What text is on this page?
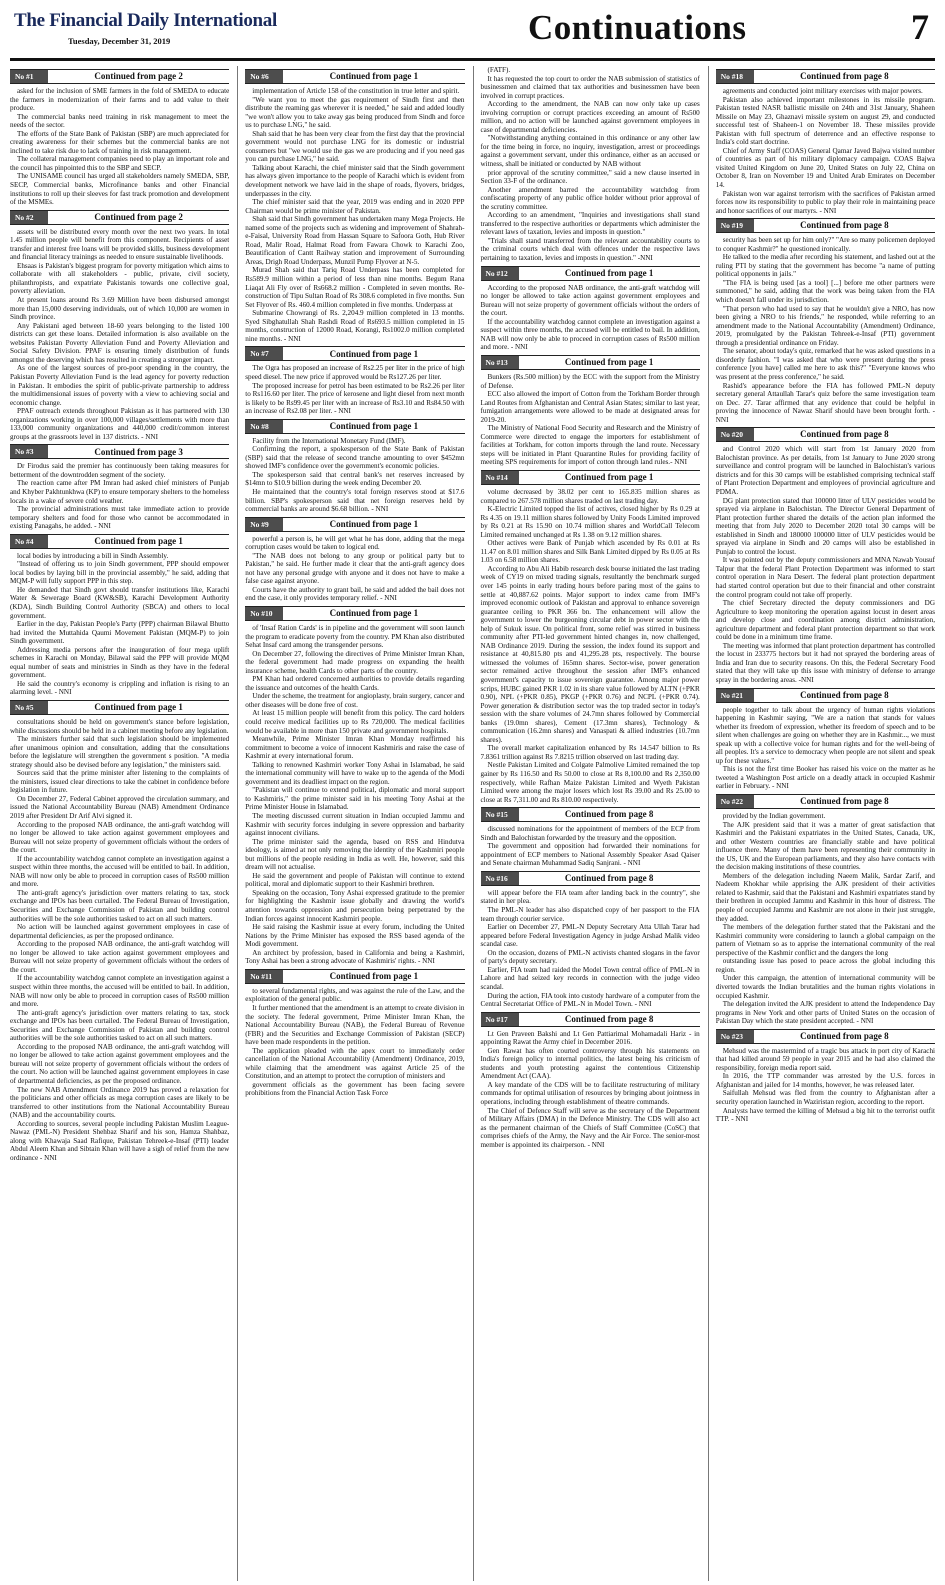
The Financial Daily International
Tuesday, December 31, 2019	Continuations	7
No #1	Continued from page 2

asked for the inclusion of SME farmers in the fold of SMEDA to educate the farmers in modernization of their farms and to add value to their produce.

The commercial banks need training in risk management to meet the needs of the sector.

The efforts of the State Bank of Pakistan (SBP) are much appreciated for creating awareness for their schemes but the commercial banks are not inclined to take risk due to lack of training in risk management.

The collateral management companies need to play an important role and the council has pinpointed this to the SBP and SECP.

The UNISAME council has urged all stakeholders namely SMEDA, SBP, SECP, Commercial banks, Microfinance banks and other Financial institutions to roll up their sleeves for fast track promotion and development of the MSMEs.

No #2	Continued from page 2

assets will be distributed every month over the next two years. In total 1.45 million people will benefit from this component. Recipients of asset transfer and interest free loans will be provided skills, business development and financial literacy trainings as needed to ensure sustainable livelihoods.

Ehsaas is Pakistan's biggest program for poverty mitigation which aims to collaborate with all stakeholders - public, private, civil society, philanthropists, and expatriate Pakistanis towards one collective goal, poverty alleviation.

At present loans around Rs 3.69 Million have been disbursed amongst more than 15,000 deserving individuals, out of which 10,000 are women in Sindh province.

Any Pakistani aged between 18-60 years belonging to the listed 100 districts can get these loans. Detailed information is also available on the websites Pakistan Poverty Alleviation Fund and Poverty Alleviation and Social Safety Division. PPAF is ensuring timely distribution of funds amongst the deserving which has resulted in creating a stronger impact.

As one of the largest sources of pro-poor spending in the country, the Pakistan Poverty Alleviation Fund is the lead agency for poverty reduction in Pakistan. It embodies the spirit of public-private partnership to address the multidimensional issues of poverty with a view to achieving social and economic change.

PPAF outreach extends throughout Pakistan as it has partnered with 130 organizations working in over 100,000 villages/settlements with more than 133,000 community organizations and 440,000 credit/common interest groups at the grassroots level in 137 districts. - NNI

No #3	Continued from page 3

Dr Firodus said the premier has continuously been taking measures for betterment of the downtrodden segment of the society.

The reaction came after PM Imran had asked chief ministers of Punjab and Khyber Pakhtunkhwa (KP) to ensure temporary shelters to the homeless locals in a wake of severe cold weather.

The provincial administrations must take immediate action to provide temporary shelters and food for those who cannot be accommodated in existing Panagahs, he added. - NNI

No #4	Continued from page 1

local bodies by introducing a bill in Sindh Assembly.

"Instead of offering us to join Sindh government, PPP should empower local bodies by laying bill in the provincial assembly," he said, adding that MQM-P will fully support PPP in this step.

He demanded that Sindh govt should transfer institutions like, Karachi Water & Sewerage Board (KW&SB), Karachi Development Authority (KDA), Sindh Building Control Authority (SBCA) and others to local government.

Earlier in the day, Pakistan People's Party (PPP) chairman Bilawal Bhutto had invited the Muttahida Qaumi Movement Pakistan (MQM-P) to join Sindh government.

Addressing media persons after the inauguration of four mega uplift schemes in Karachi on Monday, Bilawal said the PPP will provide MQM equal number of seats and ministries in Sindh as they have in the federal government.

He said the country's economy is crippling and inflation is rising to an alarming level. - NNI

No #5	Continued from page 1

consultations should be held on government's stance before legislation, while discussions should be held in a cabinet meeting before any legislation.

The ministers further said that such legislation should be implemented after unanimous opinion and consultation, adding that the consultations before the legislature will strengthen the government s position. "A media strategy should also be devised before any legislation," the ministers said.

Sources said that the prime minister after listening to the complaints of the ministers, issued clear directions to take the cabinet in confidence before legislation in future.

On December 27, Federal Cabinet approved the circulation summary, and issued the National Accountability Bureau (NAB) Amendment Ordinance 2019 after President Dr Arif Alvi signed it.

According to the proposed NAB ordinance, the anti-graft watchdog will no longer be allowed to take action against government employees and Bureau will not seize property of government officials without the orders of the court.

If the accountability watchdog cannot complete an investigation against a suspect within three months, the accused will be entitled to bail. In addition, NAB will now only be able to proceed in corruption cases of Rs500 million and more.

The anti-graft agency's jurisdiction over matters relating to tax, stock exchange and IPOs has been curtailed. The Federal Bureau of Investigation, Securities and Exchange Commission of Pakistan and building control authorities will be the sole authorities tasked to act on all such matters.

No action will be launched against government employees in case of departmental deficiencies, as per the proposed ordinance.

According to the proposed NAB ordinance, the anti-graft watchdog will no longer be allowed to take action against government employees and Bureau will not seize property of government officials without the orders of the court.

If the accountability watchdog cannot complete an investigation against a suspect within three months, the accused will be entitled to bail. In addition, NAB will now only be able to proceed in corruption cases of Rs500 million and more.

The anti-graft agency's jurisdiction over matters relating to tax, stock exchange and IPOs has been curtailed. The Federal Bureau of Investigation, Securities and Exchange Commission of Pakistan and building control authorities will be the sole authorities tasked to act on all such matters.

According to the proposed NAB ordinance, the anti-graft watchdog will no longer be allowed to take action against government employees and the bureau will not seize property of government officials without the orders of the court. No action will be launched against government employees in case of departmental deficiencies, as per the proposed ordinance.

The new NAB Amendment Ordinance 2019 has proved a relaxation for the politicians and other officials as mega corruption cases are likely to be transferred to other institutions from the National Accountability Bureau (NAB) and the accountability courts.

According to sources, several people including Pakistan Muslim League-Nawaz (PML-N) President Shehbaz Sharif and his son, Hamza Shahbaz, along with Khawaja Saad Rafique, Pakistan Tehreek-e-Insaf (PTI) leader Abdul Aleem Khan and Sibtain Khan will have a sigh of relief from the new ordinance - NNI

No #6	Continued from page 1

implementation of Article 158 of the constitution in true letter and spirit.

"We want you to meet the gas requirement of Sindh first and then distribute the reaming gas wherever it is needed," he said and added loudly "we won't allow you to take away gas being produced from Sindh and force us to purchase LNG," he said.

Shah said that he has been very clear from the first day that the provincial government would not purchase LNG for its domestic or industrial consumers but "we would use the gas we are producing and if you need gas you can purchase LNG," he said.

Talking about Karachi, the chief minister said that the Sindh government has always given importance to the people of Karachi which is evident from development network we have laid in the shape of roads, flyovers, bridges, underpasses in the city.

The chief minister said that the year, 2019 was ending and in 2020 PPP Chairman would be prime minister of Pakistan.

Shah said that Sindh government has undertaken many Mega Projects. He named some of the projects such as widening and improvement of Shahrah-e-Faisal, University Road from Hassan Square to Safoora Goth, Hub River Road, Malir Road, Halmat Road from Fawara Chowk to Karachi Zoo, Beautification of Cantt Railway station and improvement of Surrounding Areas, Drigh Road Underpass, Munzil Pump Flyover at N-5.

Murad Shah said that Tariq Road Underpass has been completed for Rs589.9 million within a period of less than nine months. Begum Rana Liaqat Ali Fly over of Rs668.2 million - Completed in seven months. Re-construction of Tipu Sultan Road of Rs 308.6 completed in five months. Sun Set Flyover of Rs. 460.4 million completed in five months. Underpass at

Submarine Chowrangi of Rs. 2,204.9 million completed in 13 months. Syed Sibghatullah Shah Rashdi Road of Rs693.5 million completed in 15 months, construction of 12000 Road, Korangi, Rs1002.0 million completed nine months. - NNI

No #7	Continued from page 1

The Ogra has proposed an increase of Rs2.25 per liter in the price of high speed diesel. The new price if approved would be Rs127.26 per liter.

The proposed increase for petrol has been estimated to be Rs2.26 per liter to Rs116.60 per liter. The price of kerosene and light diesel from next month is likely to be Rs99.45 per liter with an increase of Rs3.10 and Rs84.50 with an increase of Rs2.08 per liter. - NNI

No #8	Continued from page 1

Facility from the International Monetary Fund (IMF).

Confirming the report, a spokesperson of the State Bank of Pakistan (SBP) said that the release of second tranche amounting to over $452mn showed IMF's confidence over the government's economic policies.

The spokesperson said that central bank's net reserves increased by $14mn to $10.9 billion during the week ending December 20.

He maintained that the country's total foreign reserves stood at $17.6 billion. SBP's spokesperson said that net foreign reserves held by commercial banks are around $6.68 billion. - NNI

No #9	Continued from page 1

powerful a person is, he will get what he has done, adding that the mega corruption cases would be taken to logical end.

"The NAB does not belong to any group or political party but to Pakistan," he said. He further made it clear that the anti-graft agency does not have any personal grudge with anyone and it does not have to make a false case against anyone.

Courts have the authority to grant bail, he said and added the bail does not end the case, it only provides temporary relief. - NNI

No #10	Continued from page 1

of 'Insaf Ration Cards' is in pipeline and the government will soon launch the program to eradicate poverty from the country. PM Khan also distributed Sehat Insaf card among the transgender persons.

On December 27, following the directives of Prime Minister Imran Khan, the federal government had made progress on expanding the health insurance scheme, health Cards to other parts of the country.

PM Khan had ordered concerned authorities to provide details regarding the issuance and outcomes of the health Cards.

Under the scheme, the treatment for angioplasty, brain surgery, cancer and other diseases will be done free of cost.

At least 15 million people will benefit from this policy. The card holders could receive medical facilities up to Rs 720,000. The medical facilities would be available in more than 150 private and government hospitals.

Meanwhile, Prime Minister Imran Khan Monday reaffirmed his commitment to become a voice of innocent Kashmiris and raise the case of Kashmir at every international forum.

Talking to renowned Kashmiri worker Tony Ashai in Islamabad, he said the international community will have to wake up to the agenda of the Modi government and its deadliest impact on the region.

"Pakistan will continue to extend political, diplomatic and moral support to Kashmiris," the prime minister said in his meeting Tony Ashai at the Prime Minister House in Islamabad.

The meeting discussed current situation in Indian occupied Jammu and Kashmir with security forces indulging in severe oppression and barbarity against innocent civilians.

The prime minister said the agenda, based on RSS and Hindutva ideology, is aimed at not only removing the identity of the Kashmiri people but millions of the people residing in India as well. He, however, said this dream will not actualise.

He said the government and people of Pakistan will continue to extend political, moral and diplomatic support to their Kashmiri brethren.

Speaking on the occasion, Tony Ashai expressed gratitude to the premier for highlighting the Kashmir issue globally and drawing the world's attention towards oppression and persecution being perpetrated by the Indian forces against innocent Kashmiri people.

He said raising the Kashmir issue at every forum, including the United Nations by the Prime Minister has exposed the RSS based agenda of the Modi government.

An architect by profession, based in California and being a Kashmiri, Tony Ashai has been a strong advocate of Kashmiris' rights. - NNI

No #11	Continued from page 1

to several fundamental rights, and was against the rule of the Law, and the exploitation of the general public.

It further mentioned that the amendment is an attempt to create division in the society. The federal government, Prime Minister Imran Khan, the National Accountability Bureau (NAB), the Federal Bureau of Revenue (FBR) and the Securities and Exchange Commission of Pakistan (SECP) have been made respondents in the petition.

The application pleaded with the apex court to immediately order cancellation of the National Accountability (Amendment) Ordinance, 2019, while claiming that the amendment was against Article 25 of the Constitution, and an attempt to protect the corruption of ministers and

government officials as the government has been facing severe prohibitions from the Financial Action Task Force

(FATF).

It has requested the top court to order the NAB submission of statistics of businessmen and claimed that tax authorities and businessmen have been involved in corrupt practices.

According to the amendment, the NAB can now only take up cases involving corruption or corrupt practices exceeding an amount of Rs500 million, and no action will be launched against government employees in case of departmental deficiencies.

"Notwithstanding anything contained in this ordinance or any other law for the time being in force, no inquiry, investigation, arrest or proceedings against a government servant, under this ordinance, either as an accused or witness, shall be initiated or conducted by NAB without

prior approval of the scrutiny committee," said a new clause inserted in Section 33-F of the ordinance.

Another amendment barred the accountability watchdog from confiscating property of any public office holder without prior approval of the scrutiny committee.

According to an amendment, "Inquiries and investigations shall stand transferred to the respective authorities or departments which administer the relevant laws of taxation, levies and imposts in question."

"Trials shall stand transferred from the relevant accountability courts to the criminal courts which deal with offences under the respective laws pertaining to taxation, levies and imposts in question." -NNI

No #12	Continued from page 1

According to the proposed NAB ordinance, the anti-graft watchdog will no longer be allowed to take action against government employees and Bureau will not seize property of government officials without the orders of the court.

If the accountability watchdog cannot complete an investigation against a suspect within three months, the accused will be entitled to bail. In addition, NAB will now only be able to proceed in corruption cases of Rs500 million and more. - NNI

No #13	Continued from page 1

Bunkers (Rs.500 million) by the ECC with the support from the Ministry of Defense.

ECC also allowed the import of Cotton from the Torkham Border through Land Routes from Afghanistan and Central Asian States; similar to last year, fumigation arrangements were allowed to be made at designated areas for 2019-20.

The Ministry of National Food Security and Research and the Ministry of Commerce were directed to engage the importers for establishment of facilities at Torkham, for cotton imports through the land route. Necessary steps will be initiated in Plant Quarantine Rules for providing facility of meeting SPS requirements for import of cotton through land rules.- NNI

No #14	Continued from page 1

volume decreased by 38.02 per cent to 165.835 million shares as compared to 267.578 million shares traded on last trading day.

K-Electric Limited topped the list of actives, closed higher by Rs 0.29 at Rs 4.35 on 19.11 million shares followed by Unity Foods Limited improved by Rs 0.21 at Rs 15.90 on 10.74 million shares and WorldCall Telecom Limited remained unchanged at Rs 1.38 on 9.12 million shares.

Other actives were Bank of Punjab which ascended by Rs 0.01 at Rs 11.47 on 8.01 million shares and Silk Bank Limited dipped by Rs 0.05 at Rs 1.03 on 6.58 million shares.

According to Abu Ali Habib research desk bourse initiated the last trading week of CY19 on mixed trading signals, resultantly the benchmark surged over 145 points in early trading hours before paring most of the gains to settle at 40,887.62 points. Major support to index came from IMF's improved economic outlook of Pakistan and approval to enhance sovereign guarantee ceiling to PKR 366 bn. The enhancement will allow the government to lower the burgeoning circular debt in power sector with the help of Sukuk issue. On political front, some relief was stirred in business community after PTI-led government hinted changes in, now challenged, NAB Ordinance 2019. During the session, the index found its support and resistance at 40,815.80 pts and 41,295.28 pts, respectively. The bourse witnessed the volumes of 165mn shares. Sector-wise, power generation sector remained active throughout the session after IMF's enhanced government's capacity to issue sovereign guarantee. Among major power scrips, HUBC gained PKR 1.02 in its share value followed by ALTN (+PKR 0.90), NPL (+PKR 0.85), PKGP (+PKR 0.76) and NCPL (+PKR 0.74). Power generation & distribution sector was the top traded sector in today's session with the share volumes of 24.7mn shares followed by Commercial banks (19.0mn shares), Cement (17.3mn shares), Technology & communication (16.2mn shares) and Vanaspati & allied industries (10.7mn shares).

The overall market capitalization enhanced by Rs 14.547 billion to Rs 7.8361 trillion against Rs 7.8215 trillion observed on last trading day.

Nestle Pakistan Limited and Colgate Palmolive Limited remained the top gainer by Rs 116.50 and Rs 50.00 to close at Rs 8,100.00 and Rs 2,350.00 respectively, while Rafhan Maize Pakistan Limited and Wyeth Pakistan Limited were among the major losers which lost Rs 39.00 and Rs 25.00 to close at Rs 7,311.00 and Rs 810.00 respectively.

No #15	Continued from page 8

discussed nominations for the appointment of members of the ECP from Sindh and Balochistan forwarded by the treasury and the opposition.

The government and opposition had forwarded their nominations for appointment of ECP members to National Assembly Speaker Asad Qaiser and Senate chairman Muhammad Sadiq Sanjrani. - NNI

No #16	Continued from page 8

will appear before the FIA team after landing back in the country", she stated in her plea.

The PML-N leader has also dispatched copy of her passport to the FIA team through courier service.

Earlier on December 27, PML-N Deputy Secretary Atta Ullah Tarar had appeared before Federal Investigation Agency in judge Arshad Malik video scandal case.

On the occasion, dozens of PML-N activists chanted slogans in the favor of party's deputy secretary.

Earlier, FIA team had raided the Model Town central office of PML-N in Lahore and had seized key records in connection with the judge video scandal.

During the action, FIA took into custody hardware of a computer from the Central Secretariat Office of PML-N in Model Town. - NNI

No #17	Continued from page 8

Lt Gen Praveen Bakshi and Lt Gen Pattiarimal Mohamadali Hariz - in appointing Rawat the Army chief in December 2016.

Gen Rawat has often courted controversy through his statements on India's foreign policy to internal politics, the latest being his criticism of students and youth protesting against the contentious Citizenship Amendment Act (CAA).

A key mandate of the CDS will be to facilitate restructuring of military commands for optimal utilisation of resources by bringing about jointness in operations, including through establishment of theatre commands.

The Chief of Defence Staff will serve as the secretary of the Department of Military Affairs (DMA) in the Defence Ministry. The CDS will also act as the permanent chairman of the Chiefs of Staff Committee (CoSC) that comprises chiefs of the Army, the Navy and the Air Force. The senior-most member is appointed its chairperson. - NNI

No #18	Continued from page 8

agreements and conducted joint military exercises with major powers.

Pakistan also achieved important milestones in its missile program. Pakistan tested NASR ballistic missile on 24th and 31st January, Shaheen Missile on May 23, Ghaznavi missile system on august 29, and conducted successful test of Shaheen-1 on November 18. These missiles provide Pakistan with full spectrum of deterrence and an effective response to India's cold start doctrine.

Chief of Army Staff (COAS) General Qamar Javed Bajwa visited number of countries as part of his military diplomacy campaign. COAS Bajwa visited United Kingdom on June 20, United States on July 22, China on October 8, Iran on November 19 and United Arab Emirates on December 14.

Pakistan won war against terrorism with the sacrifices of Pakistan armed forces now its responsibility to public to play their role in maintaining peace and honor sacrifices of our martyrs. - NNI

No #19	Continued from page 8

security has been set up for him only?" "Are so many policemen deployed to conquer Kashmir?" he questioned ironically.

He talked to the media after recording his statement, and lashed out at the ruling PTI by stating that the government has become "a name of putting political opponents in jails."

"The FIA is being used [as a tool] [...] before me other partners were summoned," he said, adding that the work was being taken from the FIA which doesn't fall under its jurisdiction.

"That person who had used to say that he wouldn't give a NRO, has now been giving a NRO to his friends," he responded, while referring to an amendment made to the National Accountability (Amendment) Ordinance, 2019, promulgated by the Pakistan Tehreek-e-Insaf (PTI) government through a presidential ordinance on Friday.

The senator, about today's quiz, remarked that he was asked questions in a disorderly fashion. "I was asked that who were present during the press conference [you have] called me here to ask this?" "Everyone knows who was present at the press conference," he said.

Rashid's appearance before the FIA has followed PML-N deputy secretary general Attaullah Tarar's quiz before the same investigation team on Dec. 27. Tarar affirmed that any evidence that could be helpful in proving the innocence of Nawaz Sharif should have been brought forth. -NNI

No #20	Continued from page 8

and Control 2020 which will start from 1st January 2020 from Balochistan province. As per details, from 1st January to June 2020 strong surveillance and control program will be launched in Balochistan's various districts and for this 30 camps will be established comprising technical staff of Plant Protection Department and employees of provincial agriculture and PDMA.

DG plant protection stated that 100000 litter of ULV pesticides would be sprayed via airplane in Balochistan. The Director General Department of Plant protection further shared the details of the action plan informed the meeting that from July 2020 to December 2020 total 30 camps will be established in Sindh and 180000 100000 litter of ULV pesticides would be sprayed via airplane in Sindh and 20 camps will also be established in Punjab to control the locust.

It was pointed out by the deputy commissioners and MNA Nawab Yousuf Talpur that the federal Plant Protection Department was informed to start control operation in Nara Desert. The federal plant protection department had started control operation but due to their financial and other constraint the control program could not take off properly.

The chief Secretary directed the deputy commissioners and DG Agriculture to keep monitoring the operation against locust in desert areas and develop close and coordination among district administration, agriculture department and federal plant protection department so that work could be done in a minimum time frame.

The meeting was informed that plant protection department has controlled the locust in 233775 hectors but it had not sprayed the bordering areas of India and Iran due to security reasons. On this, the Federal Secretary Food stated that they will take up this issue with ministry of defense to arrange spray in the bordering areas. -NNI

No #21	Continued from page 8

people together to talk about the urgency of human rights violations happening in Kashmir saying, "We are a nation that stands for values whether its freedom of expression, whether its freedom of speech and to be silent when challenges are going on whether they are in Kashmir..., we must speak up with a collective voice for human rights and for the well-being of all peoples. It's a service to democracy when people are not silent and speak up for these values."

This is not the first time Booker has raised his voice on the matter as he tweeted a Washington Post article on a deadly attack in occupied Kashmir earlier in February. - NNI

No #22	Continued from page 8

provided by the Indian government.

The AJK president said that it was a matter of great satisfaction that Kashmiri and the Pakistani expatriates in the United States, Canada, UK, and other Western countries are financially stable and have political influence there. Many of them have been representing their community in the US, UK and the European parliaments, and they also have contacts with the decision making institutions of these countries.

Members of the delegation including Naeem Malik, Sardar Zarif, and Nadeem Khokhar while apprising the AJK president of their activities related to Kashmir, said that the Pakistani and Kashmiri expatriates stand by their brethren in occupied Jammu and Kashmir in this hour of distress. The people of occupied Jammu and Kashmir are not alone in their just struggle, they added.

The members of the delegation further stated that the Pakistani and the Kashmiri community were considering to launch a global campaign on the pattern of Vietnam so as to apprise the international community of the real perspective of the Kashmir conflict and the dangers the long

outstanding issue has posed to peace across the global including this region.

Under this campaign, the attention of international community will be diverted towards the Indian brutalities and the human rights violations in occupied Kashmir.

The delegation invited the AJK president to attend the Independence Day programs in New York and other parts of United States on the occasion of Pakistan Day which the state president accepted. - NNI

No #23	Continued from page 8

Mehsud was the mastermind of a tragic bus attack in port city of Karachi that had killed around 59 people in year 2015 and he had also claimed the responsibility, foreign media report said.

In 2016, the TTP commander was arrested by the U.S. forces in Afghanistan and jailed for 14 months, however, he was released later.

Saifullah Mehsud was fled from the country to Afghanistan after a security operation launched in Waziristan region, according to the report.

Analysts have termed the killing of Mehsud a big hit to the terrorist outfit TTP. - NNI
